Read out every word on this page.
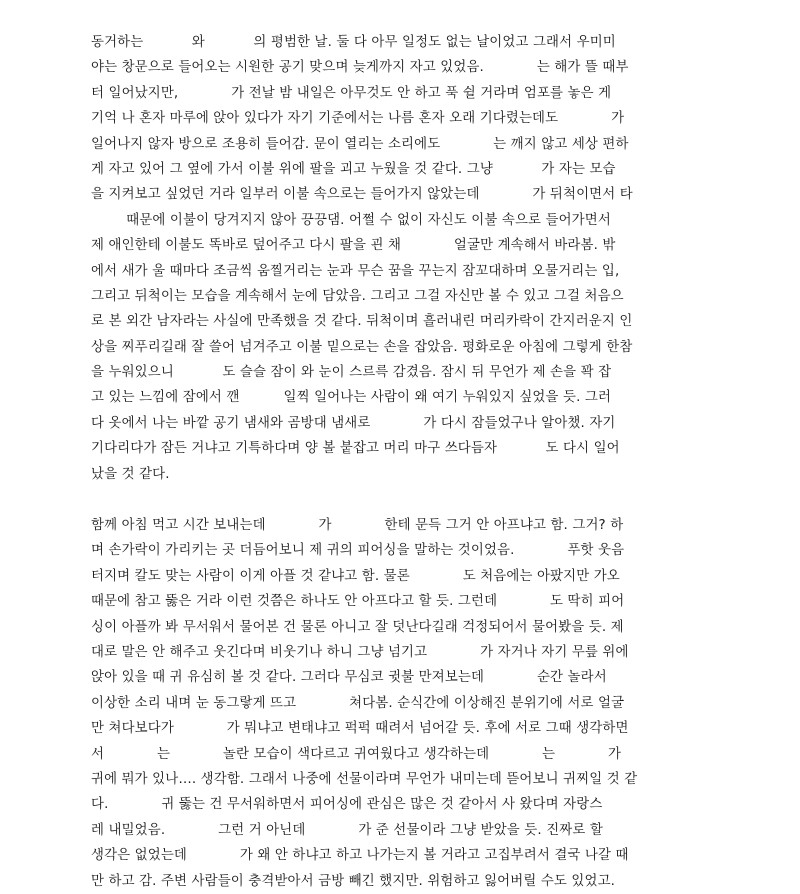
동거하는           와           의 평범한 날. 둘 다 아무 일정도 없는 날이었고 그래서 우미미
야는 창문으로 들어오는 시원한 공기 맞으며 늦게까지 자고 있었음.            는 해가 뜰 때부
터 일어났지만,            가 전날 밤 내일은 아무것도 안 하고 푹 쉴 거라며 엄포를 놓은 게
기억 나 혼자 마루에 앉아 있다가 자기 기준에서는 나름 혼자 오래 기다렸는데도            가
일어나지 않자 방으로 조용히 들어감. 문이 열리는 소리에도            는 깨지 않고 세상 편하
게 자고 있어 그 옆에 가서 이불 위에 팔을 괴고 누웠을 것 같다. 그냥           가 자는 모습
을 지켜보고 싶었던 거라 일부러 이불 속으로는 들어가지 않았는데            가 뒤척이면서 타
때문에 이불이 당겨지지 않아 끙끙댐. 어쩔 수 없이 자신도 이불 속으로 들어가면서
제 애인한테 이불도 똑바로 덮어주고 다시 팔을 괸 채            얼굴만 계속해서 바라봄. 밖
에서 새가 울 때마다 조금씩 움찔거리는 눈과 무슨 꿈을 꾸는지 잠꼬대하며 오물거리는 입,
그리고 뒤척이는 모습을 계속해서 눈에 담았음. 그리고 그걸 자신만 볼 수 있고 그걸 처음으
로 본 외간 남자라는 사실에 만족했을 것 같다. 뒤척이며 흘러내린 머리카락이 간지러운지 인
상을 찌푸리길래 잘 쓸어 넘겨주고 이불 밑으로는 손을 잡았음. 평화로운 아침에 그렇게 한참
을 누워있으니           도 슬슬 잠이 와 눈이 스르륵 감겼음. 잠시 뒤 무언가 제 손을 꽉 잡
고 있는 느낌에 잠에서 깬          일찍 일어나는 사람이 왜 여기 누워있지 싶었을 듯. 그러
다 옷에서 나는 바깥 공기 냄새와 곰방대 냄새로            가 다시 잠들었구나 알아챘. 자기
기다리다가 잠든 거냐고 기특하다며 양 볼 붙잡고 머리 마구 쓰다듬자           도 다시 일어
났을 것 같다.
함께 아침 먹고 시간 보내는데            가            한테 문득 그거 안 아프냐고 함. 그거? 하
며 손가락이 가리키는 곳 더듬어보니 제 귀의 피어싱을 말하는 것이었음.            푸핫 웃음
터지며 칼도 맞는 사람이 이게 아플 것 같냐고 함. 물론            도 처음에는 아팠지만 가오
때문에 참고 뚫은 거라 이런 것쯤은 하나도 안 아프다고 할 듯. 그런데            도 딱히 피어
싱이 아플까 봐 무서워서 물어본 건 물론 아니고 잘 덧난다길래 걱정되어서 물어봤을 듯. 제
대로 말은 안 해주고 웃긴다며 비웃기나 하니 그냥 넘기고            가 자거나 자기 무릎 위에
앉아 있을 때 귀 유심히 볼 것 같다. 그러다 무심코 귓불 만져보는데            순간 놀라서
이상한 소리 내며 눈 동그랗게 뜨고            쳐다봄. 순식간에 이상해진 분위기에 서로 얼굴
만 쳐다보다가            가 뭐냐고 변태냐고 퍽퍽 때려서 넘어갈 듯. 후에 서로 그때 생각하면
서            는            놀란 모습이 색다르고 귀여웠다고 생각하는데            는            가
귀에 뭐가 있나…. 생각함. 그래서 나중에 선물이라며 무언가 내미는데 뜯어보니 귀찌일 것 같
다.            귀 뚫는 건 무서워하면서 피어싱에 관심은 많은 것 같아서 사 왔다며 자랑스
레 내밀었음.            그런 거 아닌데            가 준 선물이라 그냥 받았을 듯. 진짜로 할
생각은 없었는데            가 왜 안 하냐고 하고 나가는지 볼 거라고 고집부려서 결국 나갈 때
만 하고 감. 주변 사람들이 충격받아서 금방 빼긴 했지만. 위험하고 잃어버릴 수도 있었고.
